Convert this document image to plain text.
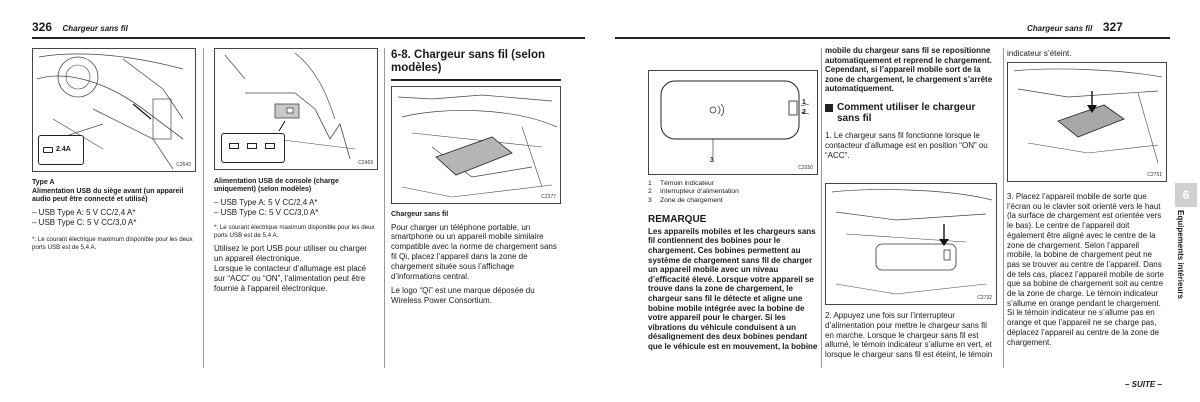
326 Chargeur sans fil
2.4A
C2642
Type A
Alimentation USB du siège avant (un appareil audio peut être connecté et utilisé)
– USB Type A: 5 V CC/2,4 A*
– USB Type C: 5 V CC/3,0 A*
*: Le courant électrique maximum disponible pour les deux ports USB est de 5,4 A.
C2463
Alimentation USB de console (charge uniquement) (selon modèles)
– USB Type A: 5 V CC/2,4 A*
– USB Type C: 5 V CC/3,0 A*
*: Le courant électrique maximum disponible pour les deux ports USB est de 5,4 A.
Utilisez le port USB pour utiliser ou charger un appareil électronique.
Lorsque le contacteur d’allumage est placé sur “ACC” ou “ON”, l’alimentation peut être fournie à l’appareil électronique.
6-8. Chargeur sans fil (selon modèles)
C2377
Chargeur sans fil
Pour charger un téléphone portable, un smartphone ou un appareil mobile similaire compatible avec la norme de chargement sans fil Qi, placez l’appareil dans la zone de chargement située sous l’affichage d’informations central.
Le logo “Qi” est une marque déposée du Wireless Power Consortium.
Chargeur sans fil 327
1
2
3
C2250
1 Témoin indicateur
2 Interrupteur d’alimentation
3 Zone de chargement
REMARQUE
Les appareils mobiles et les chargeurs sans fil contiennent des bobines pour le chargement. Ces bobines permettent au système de chargement sans fil de charger un appareil mobile avec un niveau d’efficacité élevé. Lorsque votre appareil se trouve dans la zone de chargement, le chargeur sans fil le détecte et aligne une bobine mobile intégrée avec la bobine de votre appareil pour le charger. Si les vibrations du véhicule conduisent à un désalignement des deux bobines pendant que le véhicule est en mouvement, la bobine
mobile du chargeur sans fil se repositionne automatiquement et reprend le chargement.
Cependant, si l’appareil mobile sort de la zone de chargement, le chargement s’arrête automatiquement.
Comment utiliser le chargeur sans fil
1. Le chargeur sans fil fonctionne lorsque le contacteur d’allumage est en position “ON” ou “ACC”.
C2732
2. Appuyez une fois sur l’interrupteur d’alimentation pour mettre le chargeur sans fil en marche. Lorsque le chargeur sans fil est allumé, le témoin indicateur s’allume en vert, et lorsque le chargeur sans fil est éteint, le témoin
indicateur s’éteint.
C2751
3. Placez l’appareil mobile de sorte que l’écran ou le clavier soit orienté vers le haut (la surface de chargement est orientée vers le bas). Le centre de l’appareil doit également être aligné avec le centre de la zone de chargement. Selon l’appareil mobile, la bobine de chargement peut ne pas se trouver au centre de l’appareil. Dans de tels cas, placez l’appareil mobile de sorte que sa bobine de chargement soit au centre de la zone de charge. Le témoin indicateur s’allume en orange pendant le chargement. Si le témoin indicateur ne s’allume pas en orange et que l’appareil ne se charge pas, déplacez l’appareil au centre de la zone de chargement.
6
Equipements intérieurs
– SUITE –
